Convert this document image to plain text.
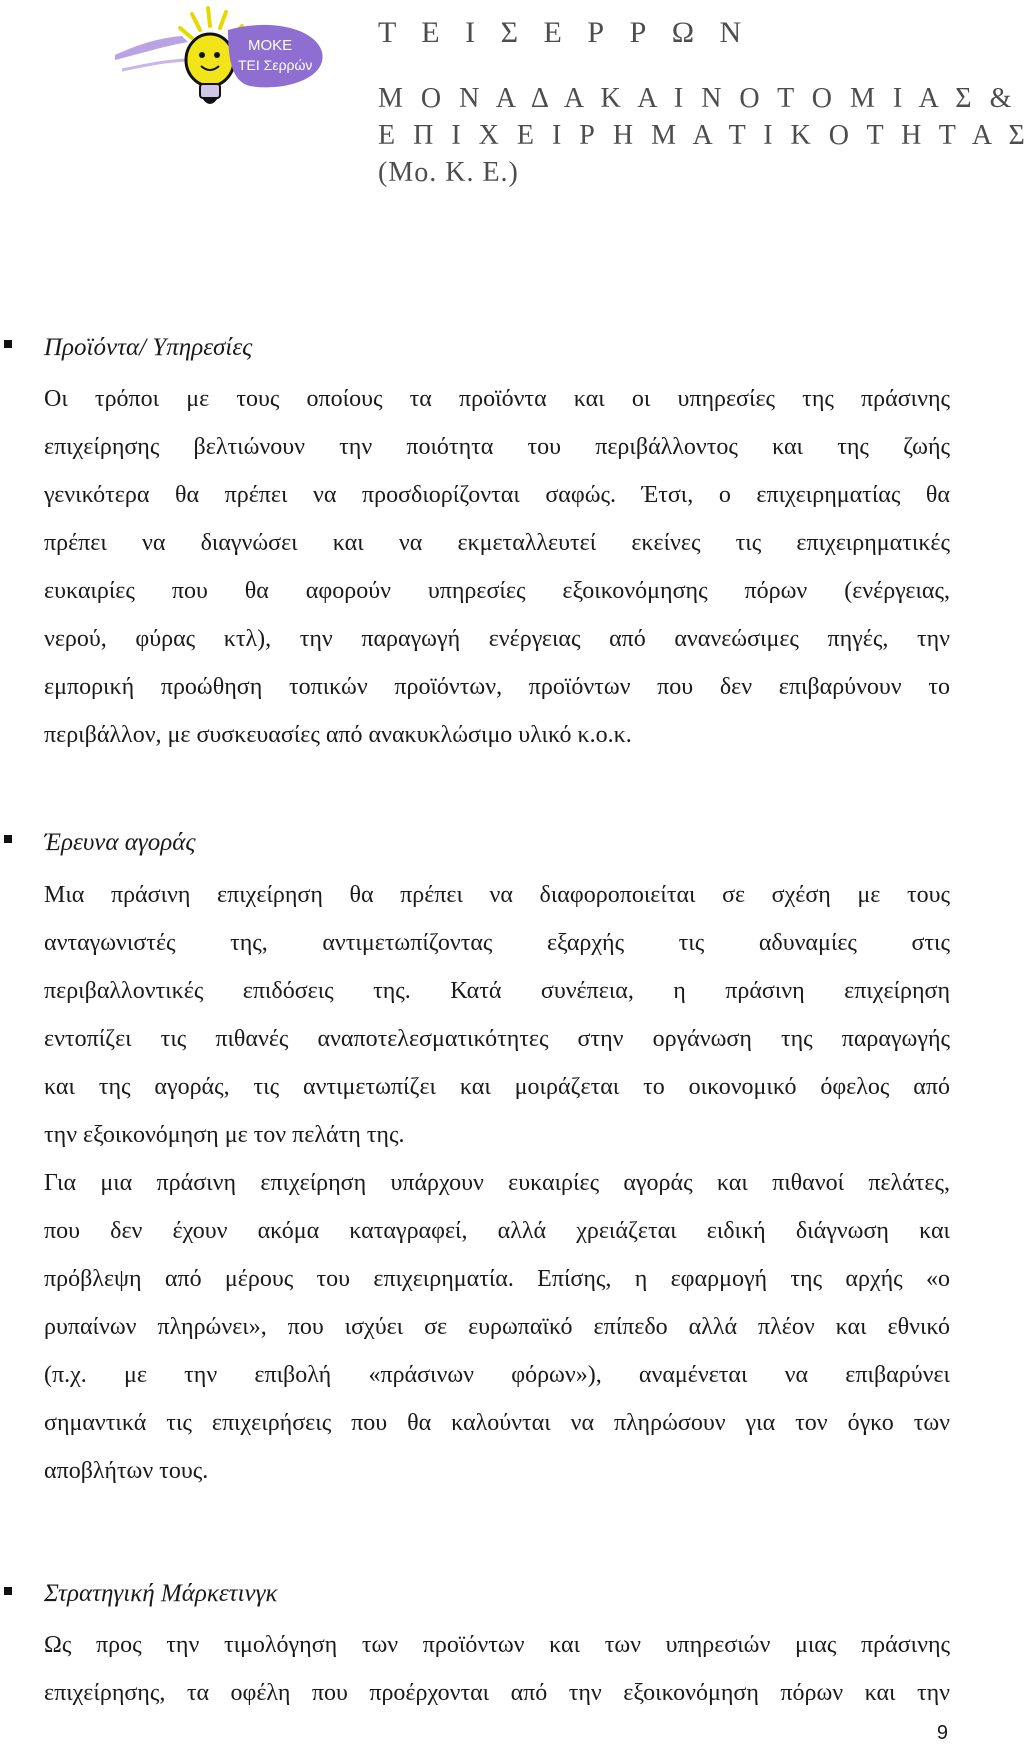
ΜΟΚΕ
ΤΕΙ Σερρών
Τ Ε Ι Σ Ε Ρ Ρ Ω Ν
Μ Ο Ν Α Δ Α Κ Α Ι Ν Ο Τ Ο Μ Ι Α Σ &
Ε Π Ι Χ Ε Ι Ρ Η Μ Α Τ Ι Κ Ο Τ Η Τ Α Σ
(Μο. Κ. Ε.)
Προϊόντα/ Υπηρεσίες
Οι τρόποι με τους οποίους τα προϊόντα και οι υπηρεσίες της πράσινης
επιχείρησης βελτιώνουν την ποιότητα του περιβάλλοντος και της ζωής
γενικότερα θα πρέπει να προσδιορίζονται σαφώς. Έτσι, ο επιχειρηματίας θα
πρέπει να διαγνώσει και να εκμεταλλευτεί εκείνες τις επιχειρηματικές
ευκαιρίες που θα αφορούν υπηρεσίες εξοικονόμησης πόρων (ενέργειας,
νερού, φύρας κτλ), την παραγωγή ενέργειας από ανανεώσιμες πηγές, την
εμπορική προώθηση τοπικών προϊόντων, προϊόντων που δεν επιβαρύνουν το
περιβάλλον, με συσκευασίες από ανακυκλώσιμο υλικό κ.ο.κ.
Έρευνα αγοράς
Μια πράσινη επιχείρηση θα πρέπει να διαφοροποιείται σε σχέση με τους
ανταγωνιστές της, αντιμετωπίζοντας εξαρχής τις αδυναμίες στις
περιβαλλοντικές επιδόσεις της. Κατά συνέπεια, η πράσινη επιχείρηση
εντοπίζει τις πιθανές αναποτελεσματικότητες στην οργάνωση της παραγωγής
και της αγοράς, τις αντιμετωπίζει και μοιράζεται το οικονομικό όφελος από
την εξοικονόμηση με τον πελάτη της.
Για μια πράσινη επιχείρηση υπάρχουν ευκαιρίες αγοράς και πιθανοί πελάτες,
που δεν έχουν ακόμα καταγραφεί, αλλά χρειάζεται ειδική διάγνωση και
πρόβλεψη από μέρους του επιχειρηματία. Επίσης, η εφαρμογή της αρχής «ο
ρυπαίνων πληρώνει», που ισχύει σε ευρωπαϊκό επίπεδο αλλά πλέον και εθνικό
(π.χ. με την επιβολή «πράσινων φόρων»), αναμένεται να επιβαρύνει
σημαντικά τις επιχειρήσεις που θα καλούνται να πληρώσουν για τον όγκο των
αποβλήτων τους.
Στρατηγική Μάρκετινγκ
Ως προς την τιμολόγηση των προϊόντων και των υπηρεσιών μιας πράσινης
επιχείρησης, τα οφέλη που προέρχονται από την εξοικονόμηση πόρων και την
9
